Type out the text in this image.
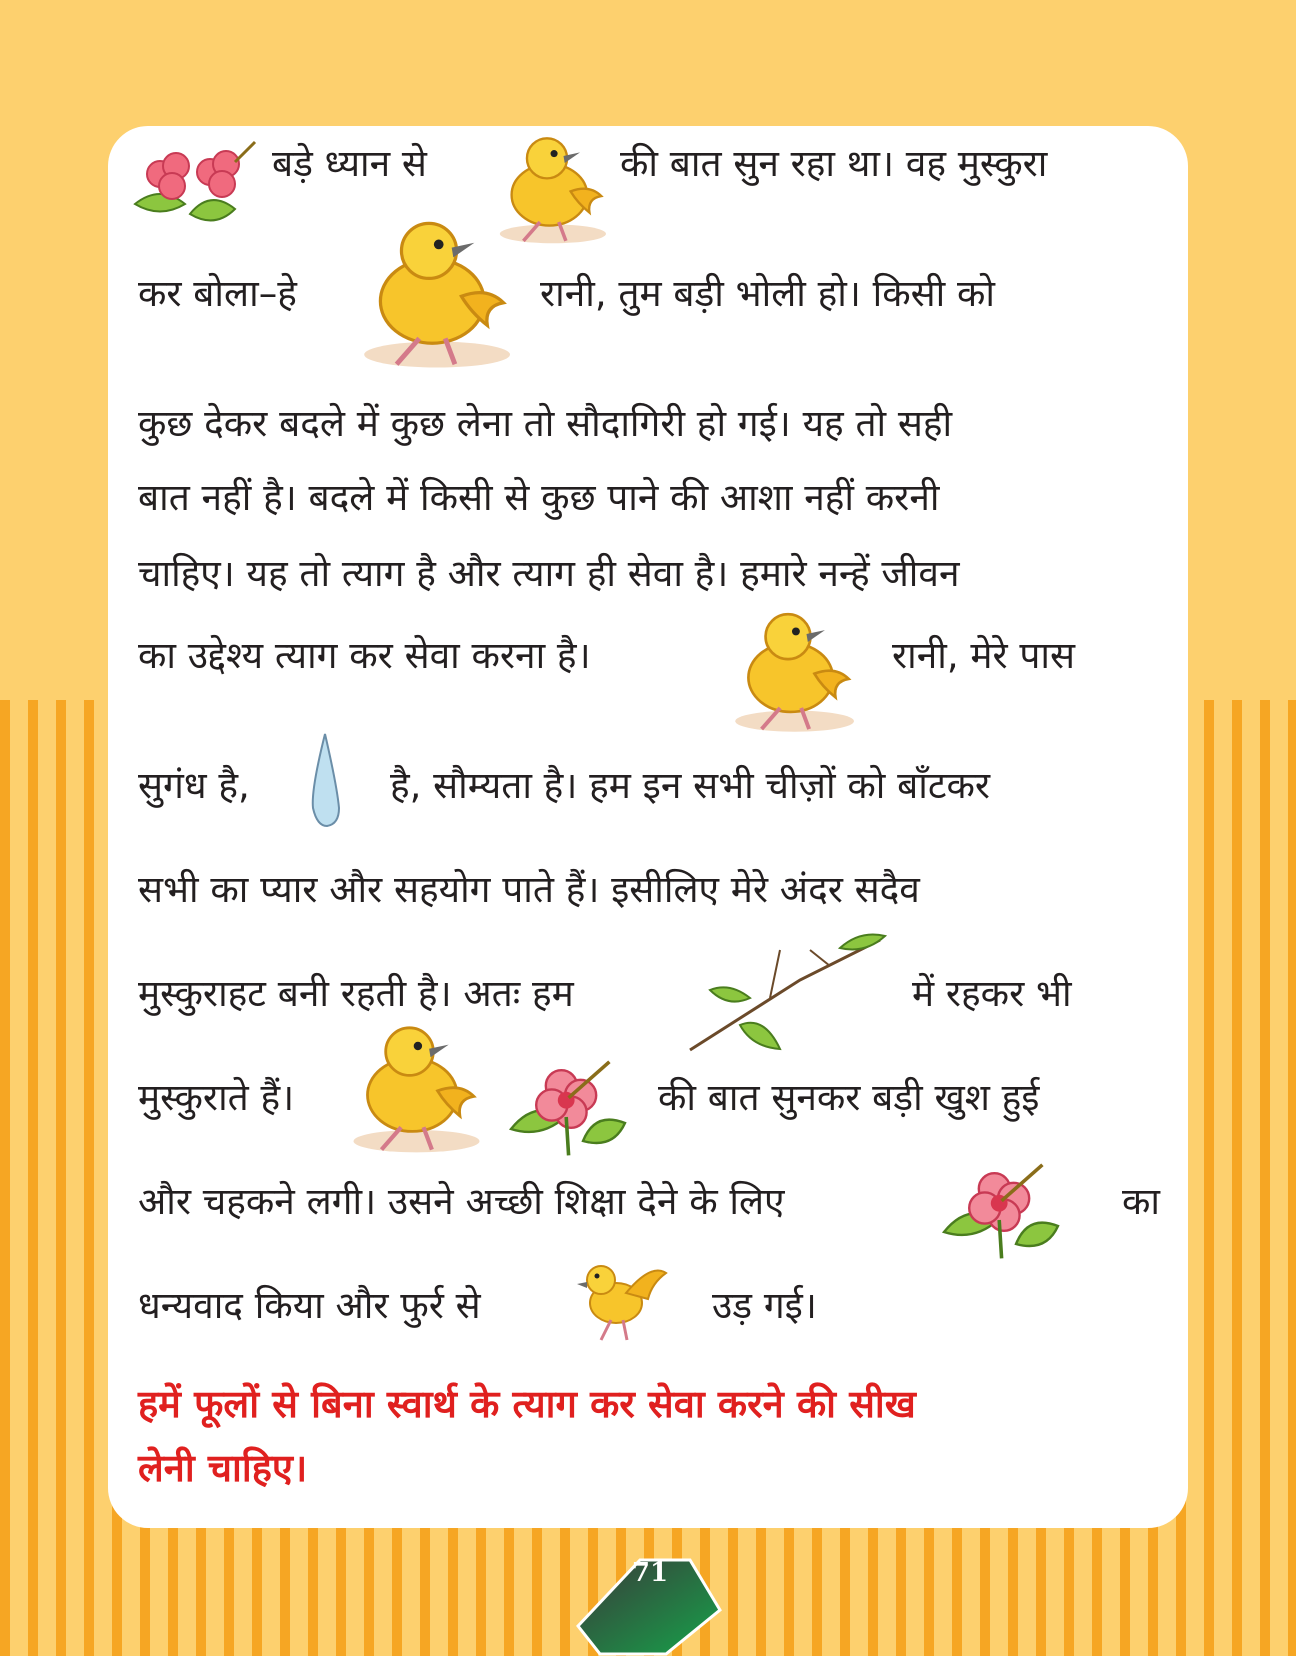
बड़े ध्यान से	की बात सुन रहा था। वह मुस्कुरा
कर बोला–हे	रानी, तुम बड़ी भोली हो। किसी को
कुछ देकर बदले में कुछ लेना तो सौदागिरी हो गई। यह तो सही
बात नहीं है। बदले में किसी से कुछ पाने की आशा नहीं करनी
चाहिए। यह तो त्याग है और त्याग ही सेवा है। हमारे नन्हें जीवन
का उद्देश्य त्याग कर सेवा करना है।	रानी, मेरे पास
सुगंध है,	है, सौम्यता है। हम इन सभी चीज़ों को बाँटकर
सभी का प्यार और सहयोग पाते हैं। इसीलिए मेरे अंदर सदैव
मुस्कुराहट बनी रहती है। अतः हम	में रहकर भी
मुस्कुराते हैं।	की बात सुनकर बड़ी खुश हुई
और चहकने लगी। उसने अच्छी शिक्षा देने के लिए	का
धन्यवाद किया और फुर्र से	उड़ गई।
हमें फूलों से बिना स्वार्थ के त्याग कर सेवा करने की सीख
लेनी चाहिए।
71
